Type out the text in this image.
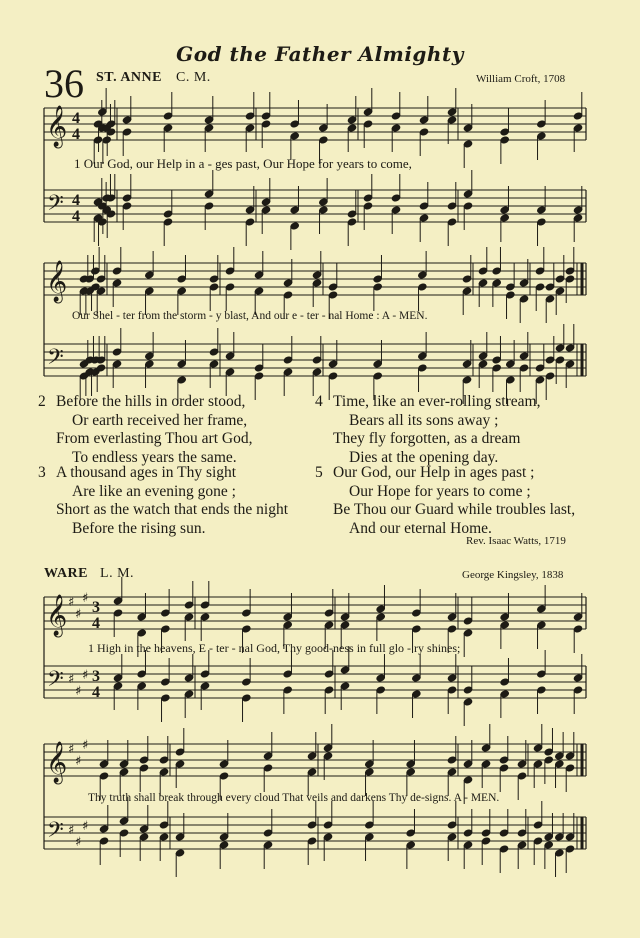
God the Father Almighty
36 ST. ANNE C. M.	William Croft, 1708
𝄞
𝄢
4
4
4
4
𝄞
𝄢
𝄞
𝄢
♯
♯
♯
♯
♯
♯
3
4
3
4
𝄞
𝄢
♯
♯
♯
♯
♯
♯
1 Our God, our Help in a - ges past, Our Hope for years to come,
Our Shel - ter from the storm - y blast, And our e - ter - nal Home : A - MEN.
2 Before the hills in order stood,
Or earth received her frame,
From everlasting Thou art God,
To endless years the same.
3 A thousand ages in Thy sight
Are like an evening gone ;
Short as the watch that ends the night
Before the rising sun.
4 Time, like an ever-rolling stream,
Bears all its sons away ;
They fly forgotten, as a dream
Dies at the opening day.
5 Our God, our Help in ages past ;
Our Hope for years to come ;
Be Thou our Guard while troubles last,
And our eternal Home.
Rev. Isaac Watts, 1719
WARE L. M.	George Kingsley, 1838
1 High in the heavens, E - ter - nal God, Thy good-ness in full glo - ry shines;
Thy truth shall break through every cloud That veils and darkens Thy de-signs. A - MEN.
